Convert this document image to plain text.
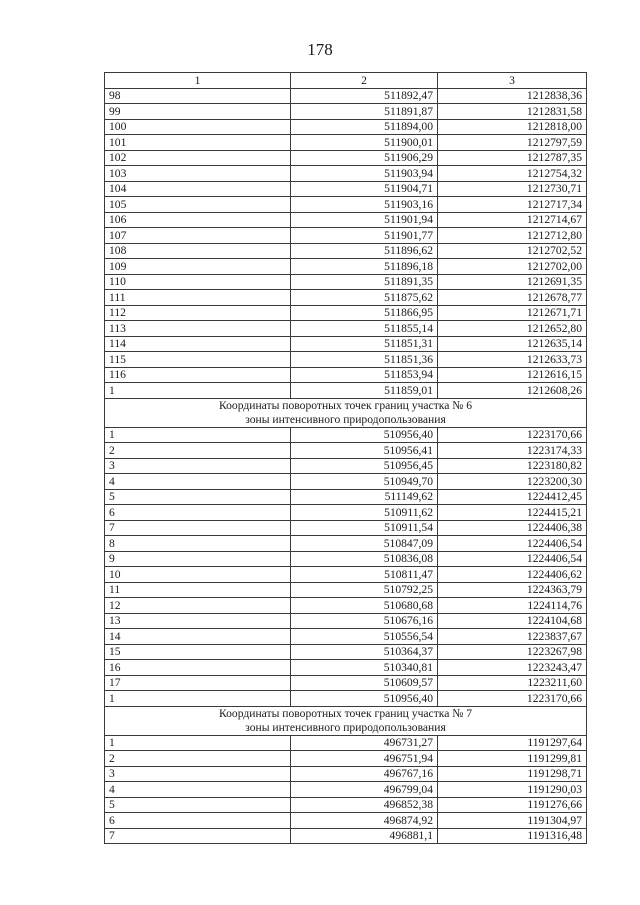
178
1	2	3
98	511892,47	1212838,36
99	511891,87	1212831,58
100	511894,00	1212818,00
101	511900,01	1212797,59
102	511906,29	1212787,35
103	511903,94	1212754,32
104	511904,71	1212730,71
105	511903,16	1212717,34
106	511901,94	1212714,67
107	511901,77	1212712,80
108	511896,62	1212702,52
109	511896,18	1212702,00
110	511891,35	1212691,35
111	511875,62	1212678,77
112	511866,95	1212671,71
113	511855,14	1212652,80
114	511851,31	1212635,14
115	511851,36	1212633,73
116	511853,94	1212616,15
1	511859,01	1212608,26

Координаты поворотных точек границ участка № 6
зоны интенсивного природопользования		

1	510956,40	1223170,66
2	510956,41	1223174,33
3	510956,45	1223180,82
4	510949,70	1223200,30
5	511149,62	1224412,45
6	510911,62	1224415,21
7	510911,54	1224406,38
8	510847,09	1224406,54
9	510836,08	1224406,54
10	510811,47	1224406,62
11	510792,25	1224363,79
12	510680,68	1224114,76
13	510676,16	1224104,68
14	510556,54	1223837,67
15	510364,37	1223267,98
16	510340,81	1223243,47
17	510609,57	1223211,60
1	510956,40	1223170,66

Координаты поворотных точек границ участка № 7
зоны интенсивного природопользования		

1	496731,27	1191297,64
2	496751,94	1191299,81
3	496767,16	1191298,71
4	496799,04	1191290,03
5	496852,38	1191276,66
6	496874,92	1191304,97
7	496881,1	1191316,48
